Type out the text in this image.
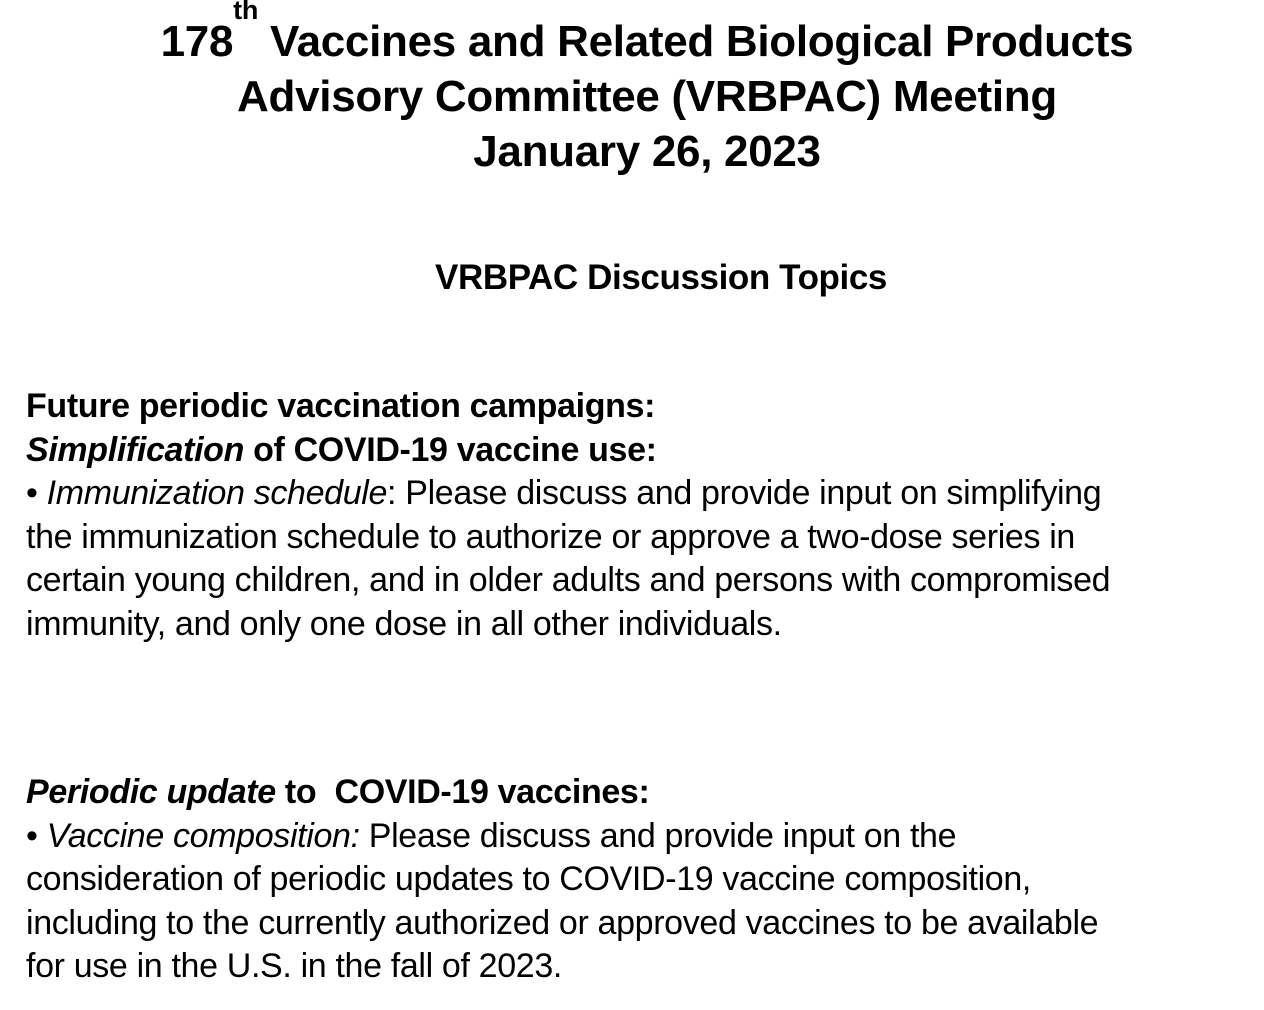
178th Vaccines and Related Biological Products
Advisory Committee (VRBPAC) Meeting
January 26, 2023
VRBPAC Discussion Topics
Future periodic vaccination campaigns:
Simplification of COVID-19 vaccine use:
• Immunization schedule: Please discuss and provide input on simplifying
the immunization schedule to authorize or approve a two-dose series in
certain young children, and in older adults and persons with compromised
immunity, and only one dose in all other individuals.
Periodic update to  COVID-19 vaccines:
• Vaccine composition: Please discuss and provide input on the
consideration of periodic updates to COVID-19 vaccine composition,
including to the currently authorized or approved vaccines to be available
for use in the U.S. in the fall of 2023.
